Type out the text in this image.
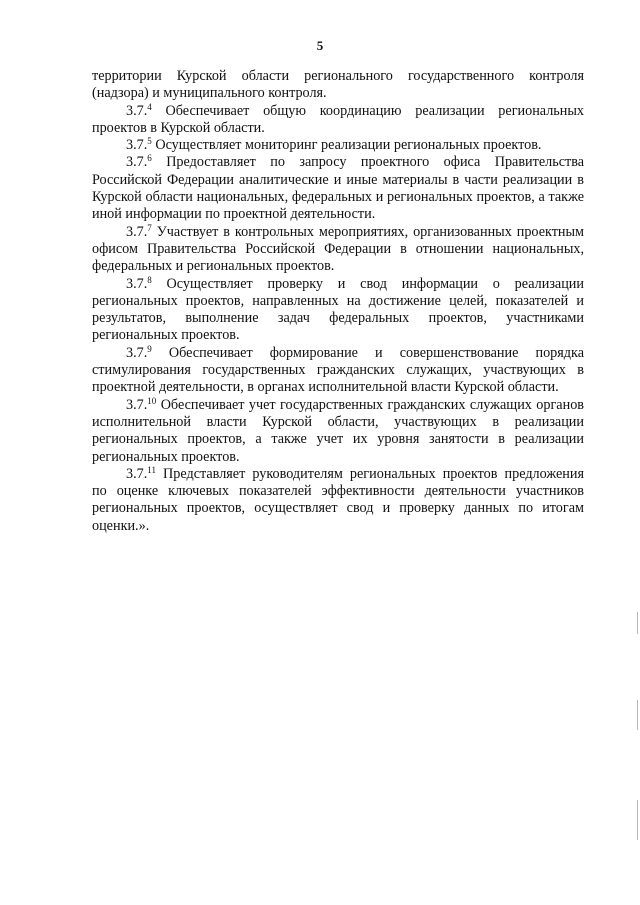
5

территории Курской области регионального государственного контроля (надзора) и муниципального контроля.

3.7.$^4$ Обеспечивает общую координацию реализации региональных проектов в Курской области.

3.7.$^5$ Осуществляет мониторинг реализации региональных проектов.

3.7.$^6$ Предоставляет по запросу проектного офиса Правительства Российской Федерации аналитические и иные материалы в части реализации в Курской области национальных, федеральных и региональных проектов, а также иной информации по проектной деятельности.

3.7.$^7$ Участвует в контрольных мероприятиях, организованных проектным офисом Правительства Российской Федерации в отношении национальных, федеральных и региональных проектов.

3.7.$^8$ Осуществляет проверку и свод информации о реализации региональных проектов, направленных на достижение целей, показателей и результатов, выполнение задач федеральных проектов, участниками региональных проектов.

3.7.$^9$ Обеспечивает формирование и совершенствование порядка стимулирования государственных гражданских служащих, участвующих в проектной деятельности, в органах исполнительной власти Курской области.

3.7.10 Обеспечивает учет государственных гражданских служащих органов исполнительной власти Курской области, участвующих в реализации региональных проектов, а также учет их уровня занятости в реализации региональных проектов.

3.7.11 Представляет руководителям региональных проектов предложения по оценке ключевых показателей эффективности деятельности участников региональных проектов, осуществляет свод и проверку данных по итогам оценки.».
